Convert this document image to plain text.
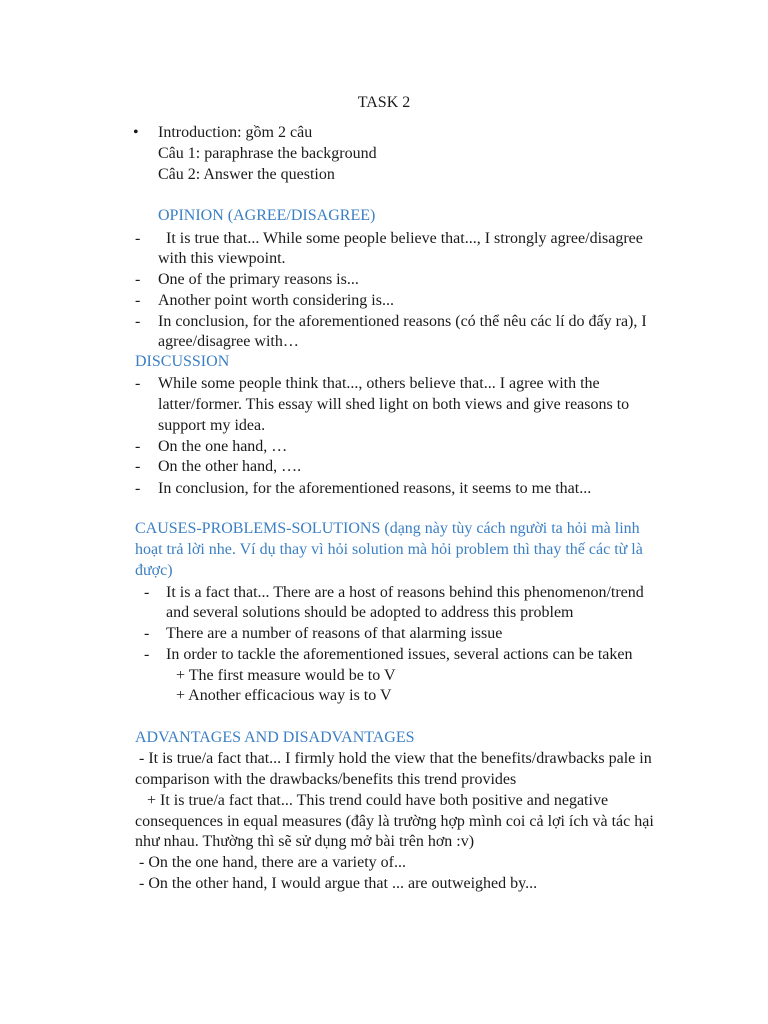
TASK 2
• Introduction: gồm 2 câu
Câu 1: paraphrase the background
Câu 2: Answer the question
OPINION (AGREE/DISAGREE)
- It is true that... While some people believe that..., I strongly agree/disagree
with this viewpoint.
- One of the primary reasons is...
- Another point worth considering is...
- In conclusion, for the aforementioned reasons (có thể nêu các lí do đấy ra), I
agree/disagree with…
DISCUSSION
- While some people think that..., others believe that... I agree with the
latter/former. This essay will shed light on both views and give reasons to
support my idea.
- On the one hand, …
- On the other hand, ….
- In conclusion, for the aforementioned reasons, it seems to me that...
CAUSES-PROBLEMS-SOLUTIONS (dạng này tùy cách người ta hỏi mà linh
hoạt trả lời nhe. Ví dụ thay vì hỏi solution mà hỏi problem thì thay thế các từ là
được)
- It is a fact that... There are a host of reasons behind this phenomenon/trend
and several solutions should be adopted to address this problem
- There are a number of reasons of that alarming issue
- In order to tackle the aforementioned issues, several actions can be taken
+ The first measure would be to V
+ Another efficacious way is to V
ADVANTAGES AND DISADVANTAGES
- It is true/a fact that... I firmly hold the view that the benefits/drawbacks pale in
comparison with the drawbacks/benefits this trend provides
+ It is true/a fact that... This trend could have both positive and negative
consequences in equal measures (đây là trường hợp mình coi cả lợi ích và tác hại
như nhau. Thường thì sẽ sử dụng mở bài trên hơn :v)
- On the one hand, there are a variety of...
- On the other hand, I would argue that ... are outweighed by...
